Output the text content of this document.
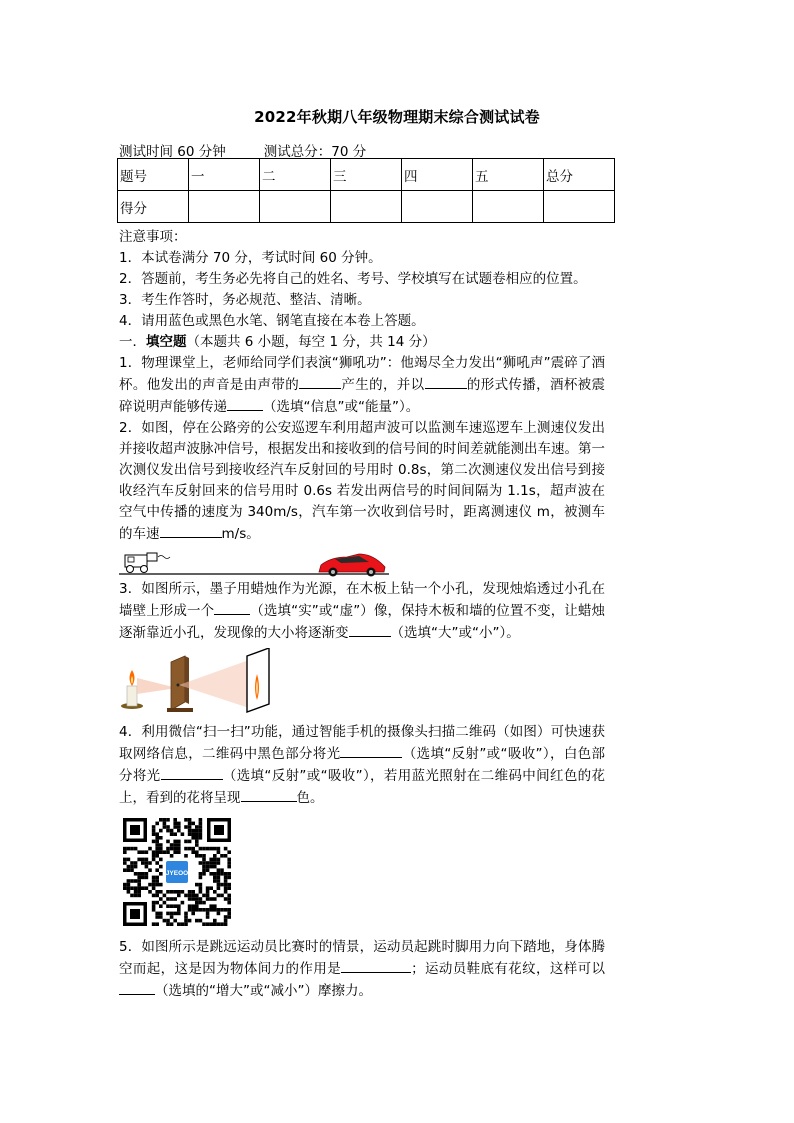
2022年秋期八年级物理期末综合测试试卷
测试时间 60 分钟	测试总分：70 分
题号	一	二	三	四	五	总分
得分						

注意事项：

1．本试卷满分 70 分，考试时间 60 分钟。

2．答题前，考生务必先将自己的姓名、考号、学校填写在试题卷相应的位置。

3．考生作答时，务必规范、整洁、清晰。

4．请用蓝色或黑色水笔、钢笔直接在本卷上答题。

一．填空题（本题共 6 小题，每空 1 分，共 14 分）

1．物理课堂上，老师给同学们表演“狮吼功”：他竭尽全力发出“狮吼声”震碎了酒杯。他发出的声音是由声带的	产生的，并以	的形式传播，酒杯被震碎说明声能够传递	（选填“信息”或“能量”）。

2．如图，停在公路旁的公安巡逻车利用超声波可以监测车速巡逻车上测速仪发出并接收超声波脉冲信号，根据发出和接收到的信号间的时间差就能测出车速。第一次测仪发出信号到接收经汽车反射回的号用时 0.8s，第二次测速仪发出信号到接收经汽车反射回来的信号用时 0.6s 若发出两信号的时间间隔为 1.1s，超声波在空气中传播的速度为 340m/s，汽车第一次收到信号时，距离测速仪 m，被测车的车速	m/s。

3．如图所示，墨子用蜡烛作为光源，在木板上钻一个小孔，发现烛焰透过小孔在墙壁上形成一个	（选填“实”或“虚”）像，保持木板和墙的位置不变，让蜡烛逐渐靠近小孔，发现像的大小将逐渐变	（选填“大”或“小”）。

4．利用微信“扫一扫”功能，通过智能手机的摄像头扫描二维码（如图）可快速获取网络信息，二维码中黑色部分将光	（选填“反射”或“吸收”），白色部分将光	（选填“反射”或“吸收”），若用蓝光照射在二维码中间红色的花上，看到的花将呈现	色。

JYEOO

5．如图所示是跳远运动员比赛时的情景，运动员起跳时脚用力向下踏地，身体腾空而起，这是因为物体间力的作用是	；运动员鞋底有花纹，这样可以（选填的“增大”或“减小”）摩擦力。
